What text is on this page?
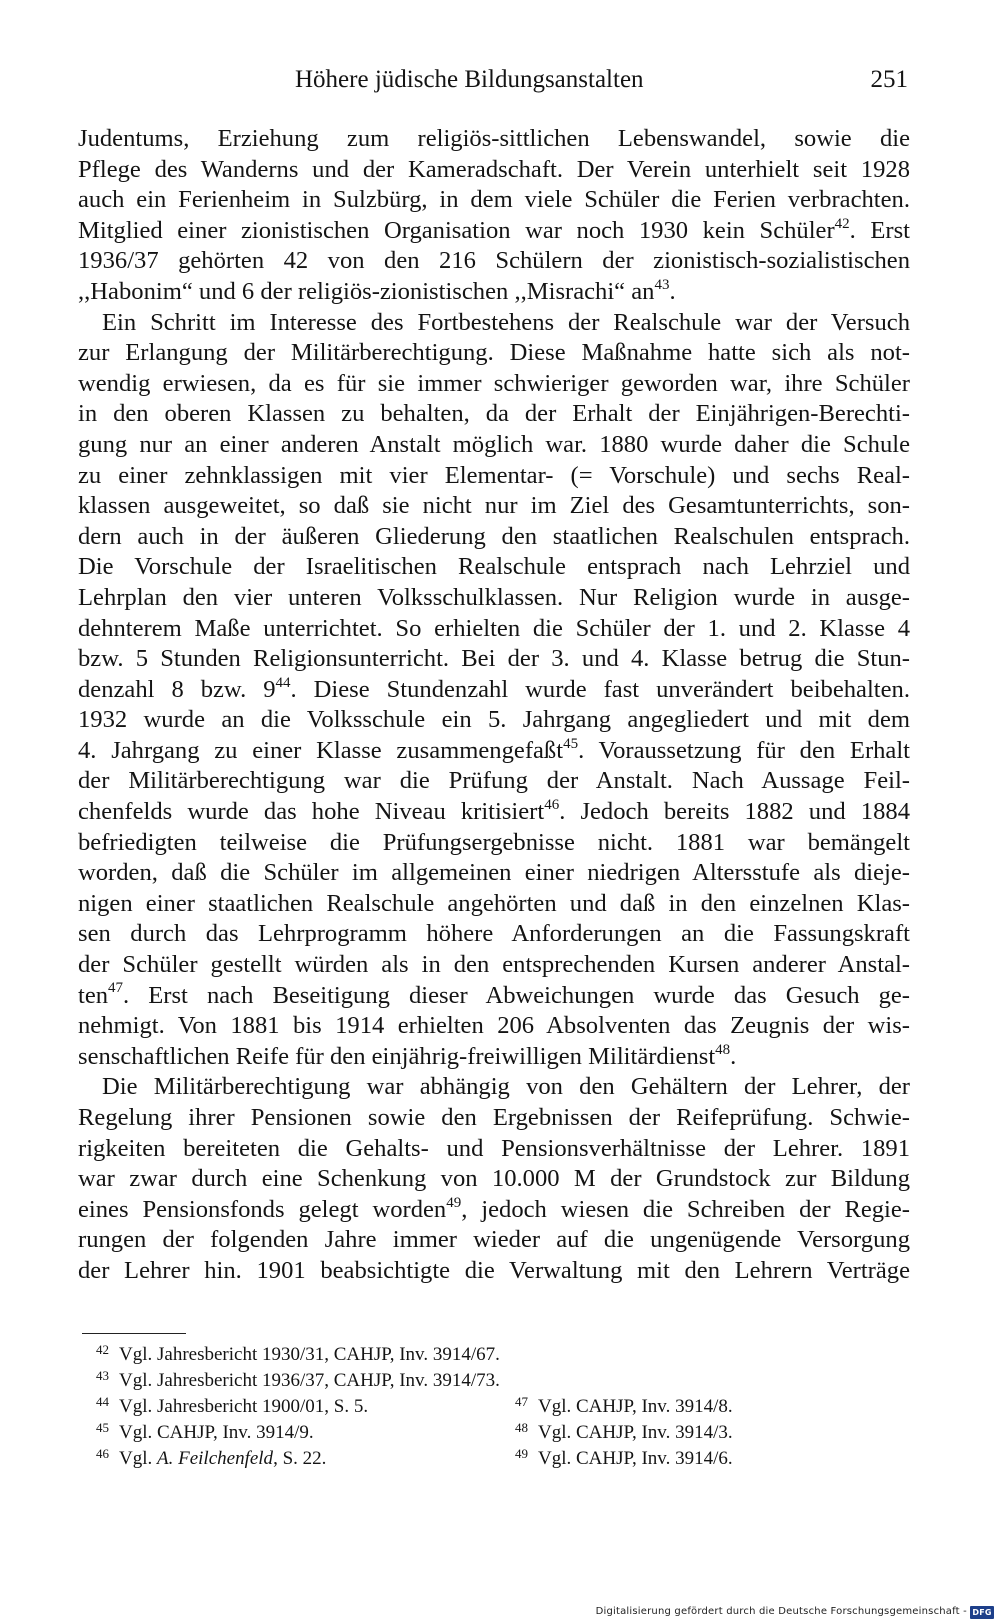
Höhere jüdische Bildungsanstalten	251
Judentums, Erziehung zum religiös-sittlichen Lebenswandel, sowie die
Pflege des Wanderns und der Kameradschaft. Der Verein unterhielt seit 1928
auch ein Ferienheim in Sulzbürg, in dem viele Schüler die Ferien verbrachten.
Mitglied einer zionistischen Organisation war noch 1930 kein Schüler$^{42}$. Erst
1936/37 gehörten 42 von den 216 Schülern der zionistisch-sozialistischen
,,Habonim“ und 6 der religiös-zionistischen ,,Misrachi“ $an^{43}$.
Ein Schritt im Interesse des Fortbestehens der Realschule war der Versuch
zur Erlangung der Militärberechtigung. Diese Maßnahme hatte sich als not-
wendig erwiesen, da es für sie immer schwieriger geworden war, ihre Schüler
in den oberen Klassen zu behalten, da der Erhalt der Einjährigen-Berechti-
gung nur an einer anderen Anstalt möglich war. 1880 wurde daher die Schule
zu einer zehnklassigen mit vier Elementar- (= Vorschule) und sechs Real-
klassen ausgeweitet, so daß sie nicht nur im Ziel des Gesamtunterrichts, son-
dern auch in der äußeren Gliederung den staatlichen Realschulen entsprach.
Die Vorschule der Israelitischen Realschule entsprach nach Lehrziel und
Lehrplan den vier unteren Volksschulklassen. Nur Religion wurde in ausge-
dehnterem Maße unterrichtet. So erhielten die Schüler der 1. und 2. Klasse 4
bzw. 5 Stunden Religionsunterricht. Bei der 3. und 4. Klasse betrug die Stun-
denzahl 8 bzw. $9^{44}$. Diese Stundenzahl wurde fast unverändert beibehalten.
1932 wurde an die Volksschule ein 5. Jahrgang angegliedert und mit dem
4. Jahrgang zu einer Klasse zusammengefaßt$^{45}$. Voraussetzung für den Erhalt
der Militärberechtigung war die Prüfung der Anstalt. Nach Aussage Feil-
chenfelds wurde das hohe Niveau kritisiert$^{46}$. Jedoch bereits 1882 und 1884
befriedigten teilweise die Prüfungsergebnisse nicht. 1881 war bemängelt
worden, daß die Schüler im allgemeinen einer niedrigen Altersstufe als dieje-
nigen einer staatlichen Realschule angehörten und daß in den einzelnen Klas-
sen durch das Lehrprogramm höhere Anforderungen an die Fassungskraft
der Schüler gestellt würden als in den entsprechenden Kursen anderer Anstal-
ten$^{47}$. Erst nach Beseitigung dieser Abweichungen wurde das Gesuch ge-
nehmigt. Von 1881 bis 1914 erhielten 206 Absolventen das Zeugnis der wis-
senschaftlichen Reife für den einjährig-freiwilligen Militärdienst$^{48}$.
Die Militärberechtigung war abhängig von den Gehältern der Lehrer, der
Regelung ihrer Pensionen sowie den Ergebnissen der Reifeprüfung. Schwie-
rigkeiten bereiteten die Gehalts- und Pensionsverhältnisse der Lehrer. 1891
war zwar durch eine Schenkung von 10.000 M der Grundstock zur Bildung
eines Pensionsfonds gelegt worden$^{49}$, jedoch wiesen die Schreiben der Regie-
rungen der folgenden Jahre immer wieder auf die ungenügende Versorgung
der Lehrer hin. 1901 beabsichtigte die Verwaltung mit den Lehrern Verträge
$^{42}$ Vgl. Jahresbericht 1930/31, CAHJP, Inv. 3914/67.
$^{43}$ Vgl. Jahresbericht 1936/37, CAHJP, Inv. 3914/73.
$^{44}$ Vgl. Jahresbericht 1900/01, S. 5.
$^{45}$ Vgl. CAHJP, Inv. 3914/9.
$^{46}$ Vgl. A. Feilchenfeld, S. 22.
$^{47}$ Vgl. CAHJP, Inv. 3914/8.
$^{48}$ Vgl. CAHJP, Inv. 3914/3.
$^{49}$ Vgl. CAHJP, Inv. 3914/6.
Digitalisierung gefördert durch die Deutsche Forschungsgemeinschaft - DFG
